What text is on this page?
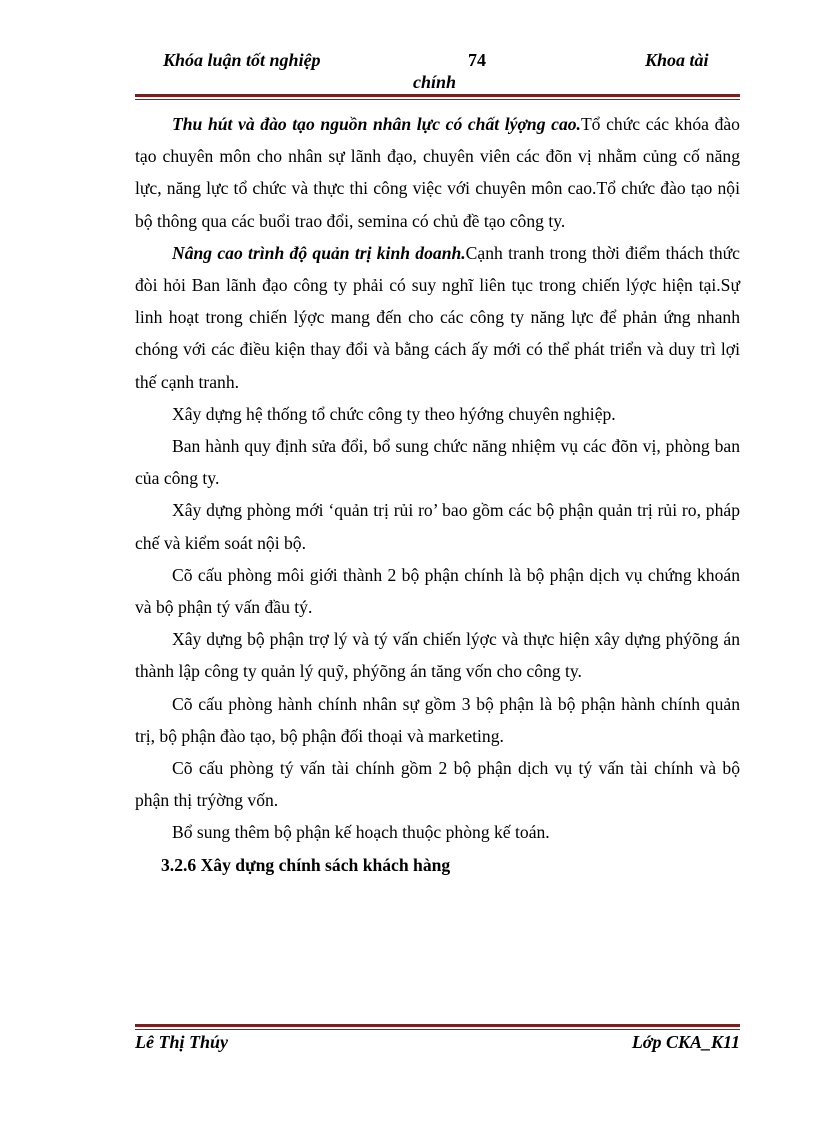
Khóa luận tốt nghiệp	74	Khoa tài
chính

Thu hút và đào tạo nguồn nhân lực có chất lýợng cao.Tổ chức các khóa đào tạo chuyên môn cho nhân sự lãnh đạo, chuyên viên các đõn vị nhằm củng cố năng lực, năng lực tổ chức và thực thi công việc với chuyên môn cao.Tổ chức đào tạo nội bộ thông qua các buổi trao đổi, semina có chủ đề tạo công ty.

Nâng cao trình độ quản trị kinh doanh.Cạnh tranh trong thời điểm thách thức đòi hỏi Ban lãnh đạo công ty phải có suy nghĩ liên tục trong chiến lýợc hiện tại.Sự linh hoạt trong chiến lýợc mang đến cho các công ty năng lực để phản ứng nhanh chóng với các điều kiện thay đổi và bằng cách ấy mới có thể phát triển và duy trì lợi thế cạnh tranh.

Xây dựng hệ thống tổ chức công ty theo hýớng chuyên nghiệp.

Ban hành quy định sửa đổi, bổ sung chức năng nhiệm vụ các đõn vị, phòng ban của công ty.

Xây dựng phòng mới ‘quản trị rủi ro’ bao gồm các bộ phận quản trị rủi ro, pháp chế và kiểm soát nội bộ.

Cõ cấu phòng môi giới thành 2 bộ phận chính là bộ phận dịch vụ chứng khoán và bộ phận tý vấn đầu tý.

Xây dựng bộ phận trợ lý và tý vấn chiến lýợc và thực hiện xây dựng phýõng án thành lập công ty quản lý quỹ, phýõng án tăng vốn cho công ty.

Cõ cấu phòng hành chính nhân sự gồm 3 bộ phận là bộ phận hành chính quản trị, bộ phận đào tạo, bộ phận đối thoại và marketing.

Cõ cấu phòng tý vấn tài chính gồm 2 bộ phận dịch vụ tý vấn tài chính và bộ phận thị trýờng vốn.

Bổ sung thêm bộ phận kế hoạch thuộc phòng kế toán.

3.2.6 Xây dựng chính sách khách hàng

Lê Thị Thúy	Lớp CKA_K11
